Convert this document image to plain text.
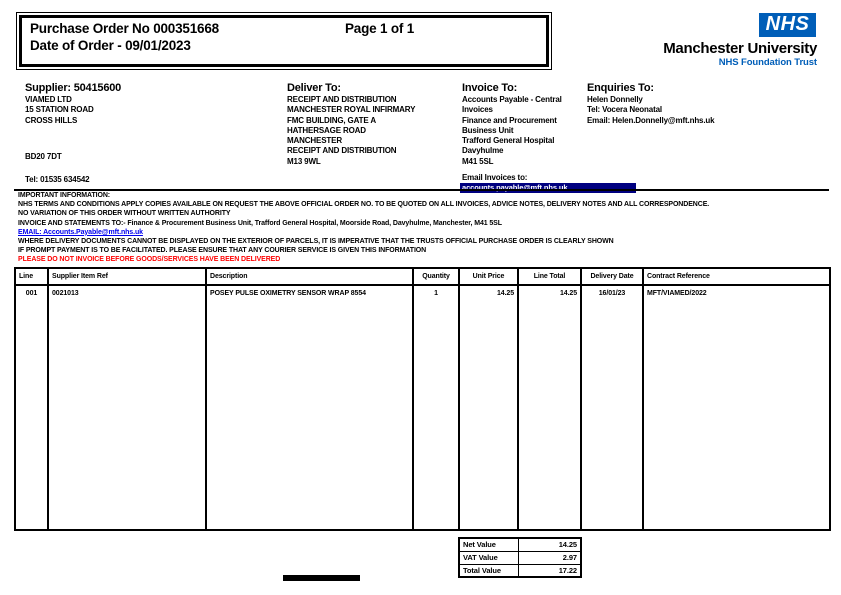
Purchase Order No 000351668	Page 1 of 1
Date of Order - 09/01/2023
NHS
Manchester University
NHS Foundation Trust
Supplier: 50415600
VIAMED LTD
15 STATION ROAD
CROSS HILLS
BD20 7DT
Tel: 01535 634542
Deliver To:
RECEIPT AND DISTRIBUTION
MANCHESTER ROYAL INFIRMARY
FMC BUILDING, GATE A
HATHERSAGE ROAD
MANCHESTER
RECEIPT AND DISTRIBUTION
M13 9WL
Invoice To:
Accounts Payable - Central
Invoices
Finance and Procurement
Business Unit
Trafford General Hospital
Davyhulme
M41 5SL
Email Invoices to:
accounts.payable@mft.nhs.uk
Enquiries To:
Helen Donnelly
Tel: Vocera Neonatal
Email: Helen.Donnelly@mft.nhs.uk
IMPORTANT INFORMATION:
NHS TERMS AND CONDITIONS APPLY COPIES AVAILABLE ON REQUEST THE ABOVE OFFICIAL ORDER NO. TO BE QUOTED ON ALL INVOICES, ADVICE NOTES, DELIVERY NOTES AND ALL CORRESPONDENCE.
NO VARIATION OF THIS ORDER WITHOUT WRITTEN AUTHORITY
INVOICE AND STATEMENTS TO:- Finance & Procurement Business Unit, Trafford General Hospital, Moorside Road, Davyhulme, Manchester, M41 5SL
EMAIL: Accounts.Payable@mft.nhs.uk
WHERE DELIVERY DOCUMENTS CANNOT BE DISPLAYED ON THE EXTERIOR OF PARCELS, IT IS IMPERATIVE THAT THE TRUSTS OFFICIAL PURCHASE ORDER IS CLEARLY SHOWN
IF PROMPT PAYMENT IS TO BE FACILITATED. PLEASE ENSURE THAT ANY COURIER SERVICE IS GIVEN THIS INFORMATION
PLEASE DO NOT INVOICE BEFORE GOODS/SERVICES HAVE BEEN DELIVERED
Line	Supplier Item Ref	Description	Quantity	Unit Price	Line Total	Delivery Date	Contract Reference
001	0021013	POSEY PULSE OXIMETRY SENSOR WRAP 8554	1	14.25	14.25	16/01/23	MFT/VIAMED/2022
Net Value	14.25
VAT Value	2.97
Total Value	17.22
